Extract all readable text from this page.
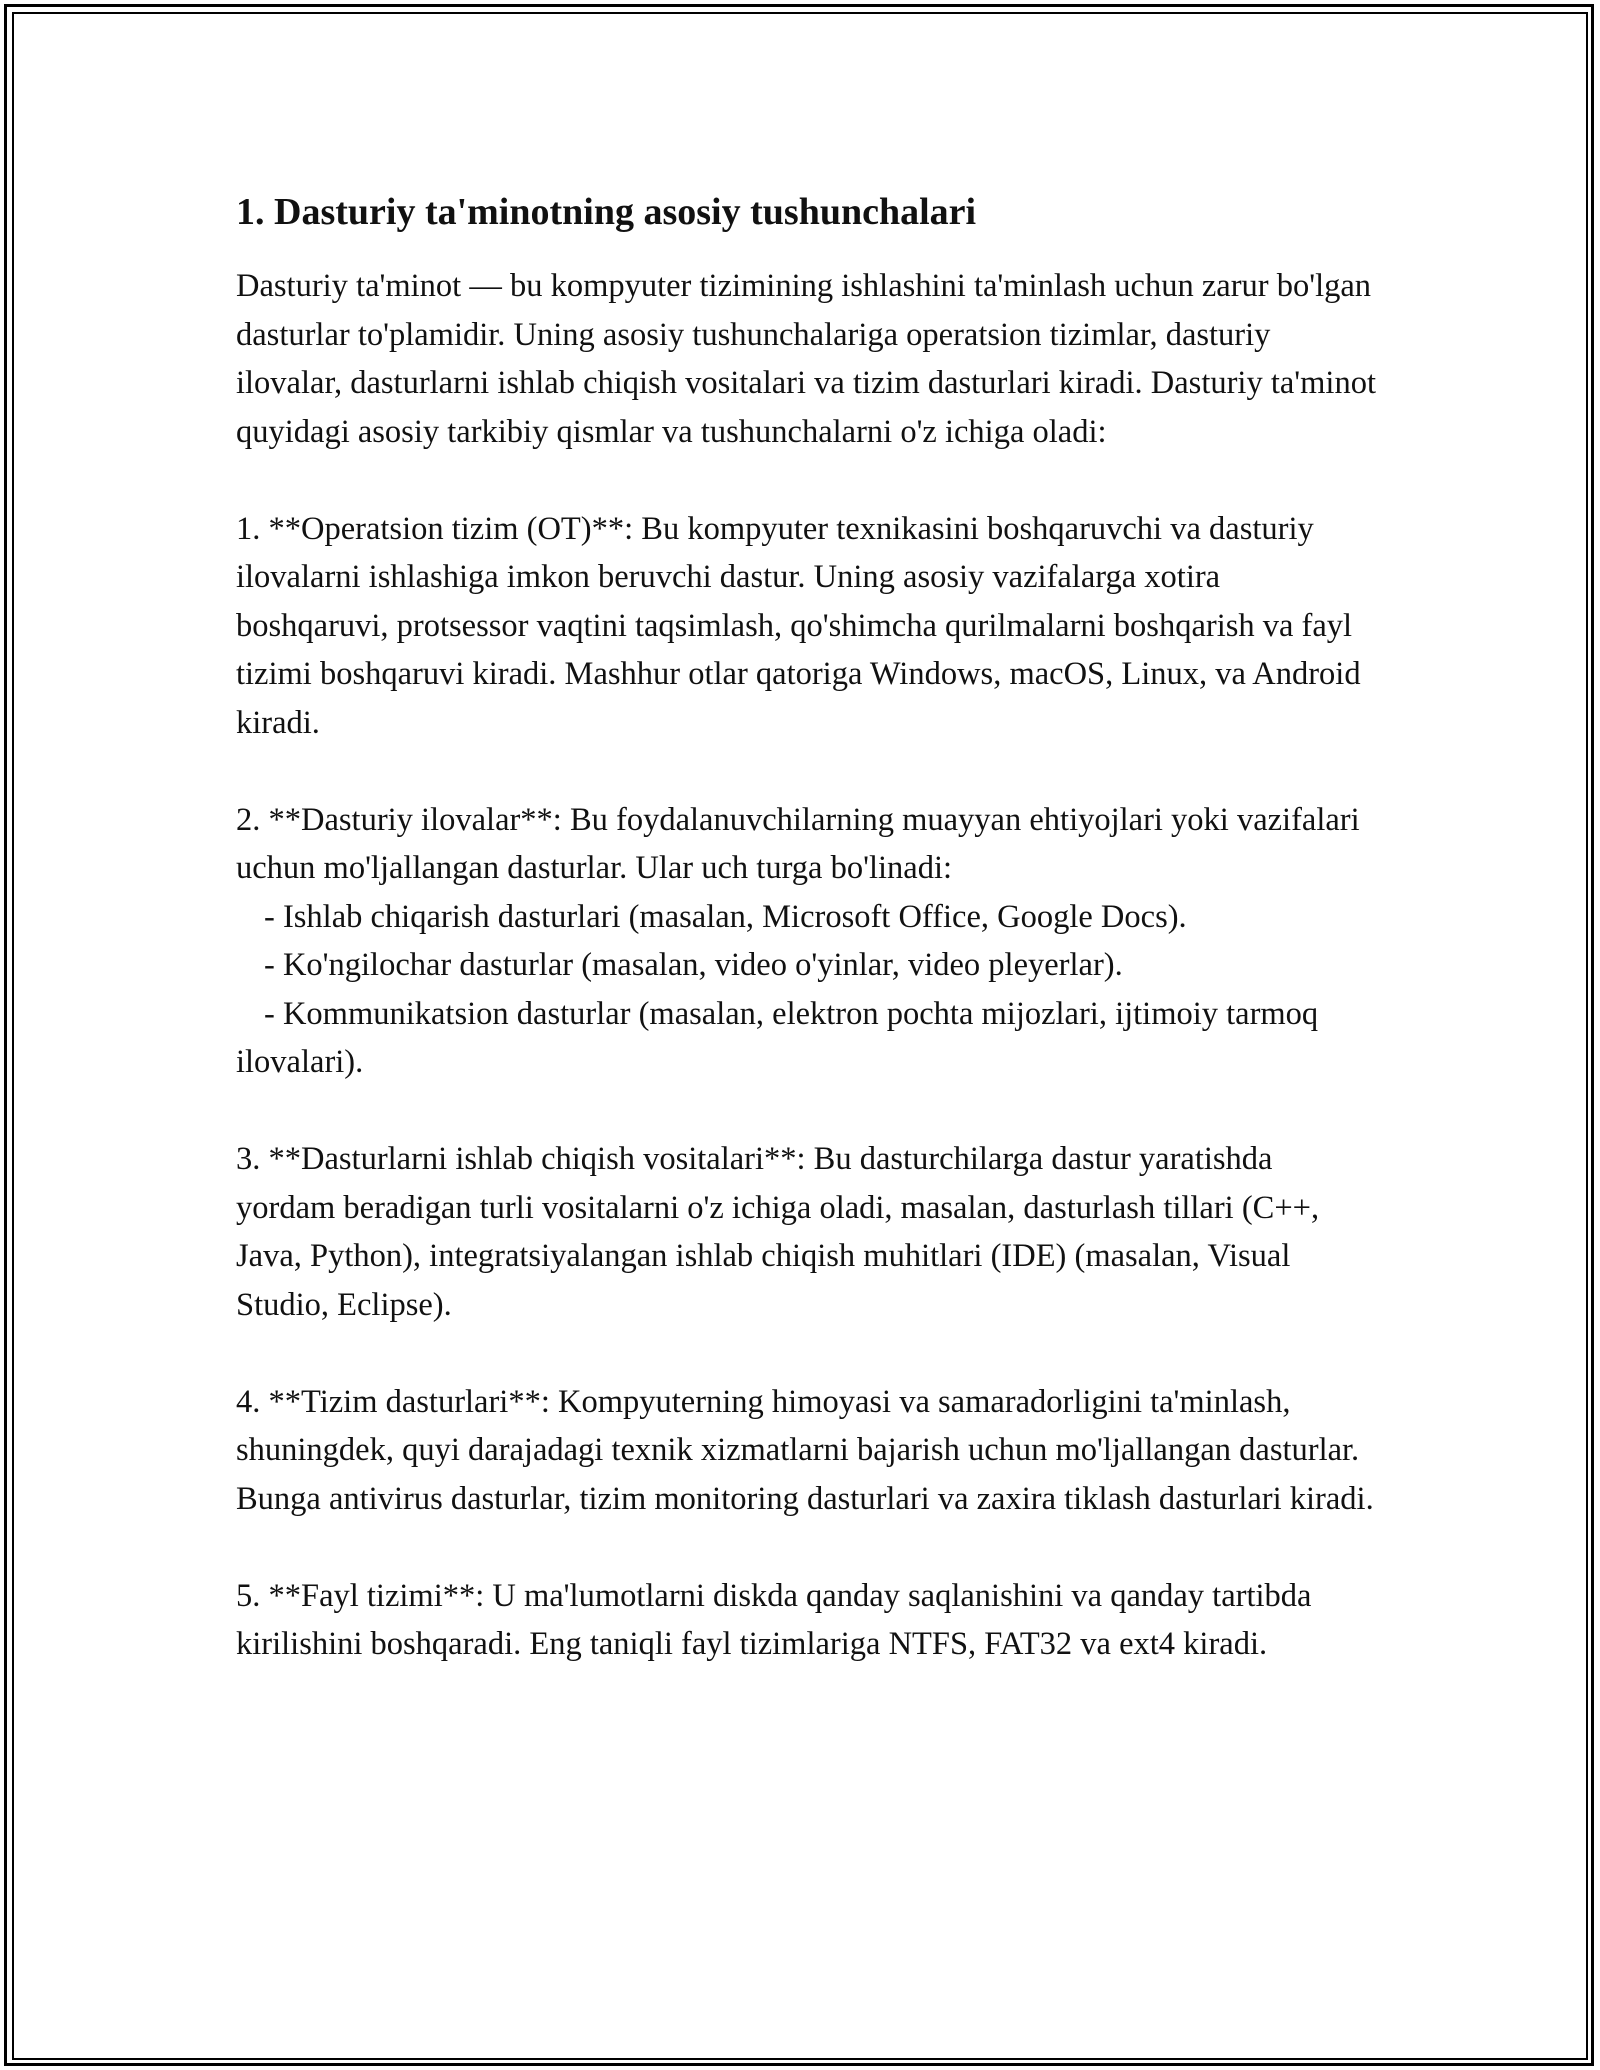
1. Dasturiy ta'minotning asosiy tushunchalari

Dasturiy ta'minot — bu kompyuter tizimining ishlashini ta'minlash uchun zarur bo'lgan dasturlar to'plamidir. Uning asosiy tushunchalariga operatsion tizimlar, dasturiy ilovalar, dasturlarni ishlab chiqish vositalari va tizim dasturlari kiradi. Dasturiy ta'minot quyidagi asosiy tarkibiy qismlar va tushunchalarni o'z ichiga oladi:

1. **Operatsion tizim (OT)**: Bu kompyuter texnikasini boshqaruvchi va dasturiy ilovalarni ishlashiga imkon beruvchi dastur. Uning asosiy vazifalarga xotira boshqaruvi, protsessor vaqtini taqsimlash, qo'shimcha qurilmalarni boshqarish va fayl tizimi boshqaruvi kiradi. Mashhur otlar qatoriga Windows, macOS, Linux, va Android kiradi.

2. **Dasturiy ilovalar**: Bu foydalanuvchilarning muayyan ehtiyojlari yoki vazifalari uchun mo'ljallangan dasturlar. Ular uch turga bo'linadi:

- Ishlab chiqarish dasturlari (masalan, Microsoft Office, Google Docs).

- Ko'ngilochar dasturlar (masalan, video o'yinlar, video pleyerlar).

- Kommunikatsion dasturlar (masalan, elektron pochta mijozlari, ijtimoiy tarmoq ilovalari).

3. **Dasturlarni ishlab chiqish vositalari**: Bu dasturchilarga dastur yaratishda yordam beradigan turli vositalarni o'z ichiga oladi, masalan, dasturlash tillari (C++, Java, Python), integratsiyalangan ishlab chiqish muhitlari (IDE) (masalan, Visual Studio, Eclipse).

4. **Tizim dasturlari**: Kompyuterning himoyasi va samaradorligini ta'minlash, shuningdek, quyi darajadagi texnik xizmatlarni bajarish uchun mo'ljallangan dasturlar. Bunga antivirus dasturlar, tizim monitoring dasturlari va zaxira tiklash dasturlari kiradi.

5. **Fayl tizimi**: U ma'lumotlarni diskda qanday saqlanishini va qanday tartibda kirilishini boshqaradi. Eng taniqli fayl tizimlariga NTFS, FAT32 va ext4 kiradi.
